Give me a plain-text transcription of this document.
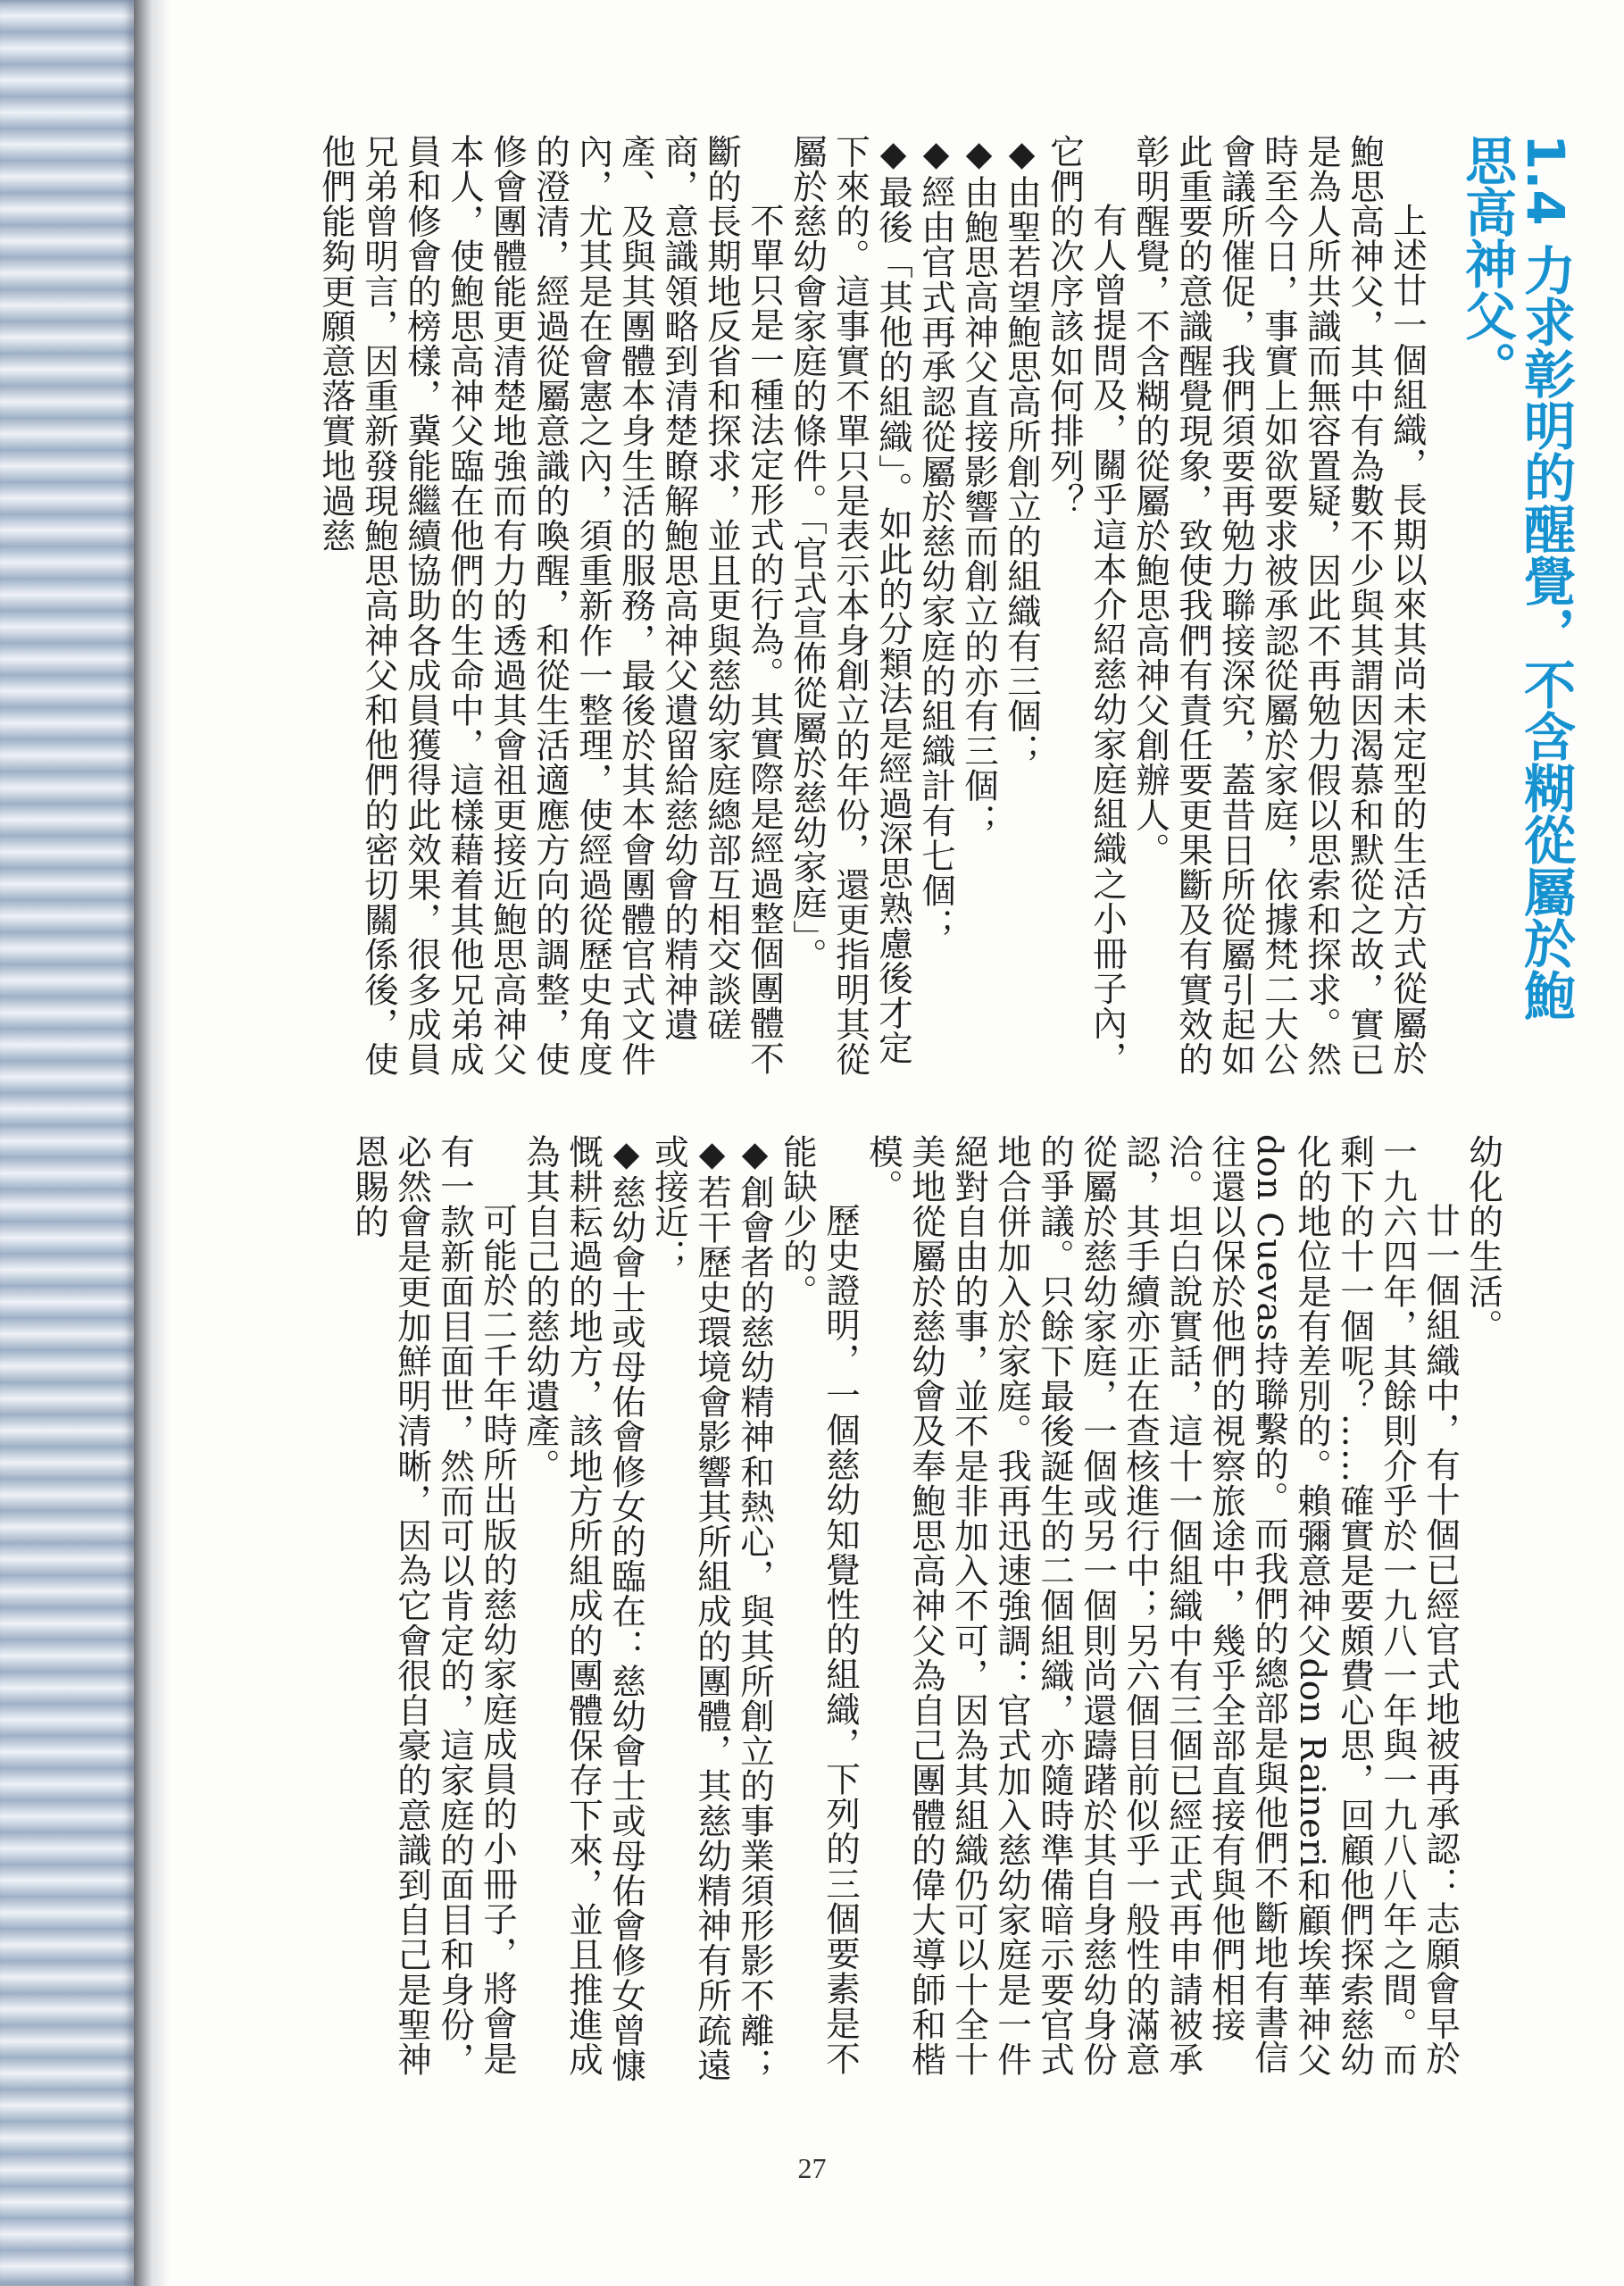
1.4 力求彰明的醒覺，不含糊從屬於鮑思高神父。

上述廿一個組織，長期以來其尚未定型的生活方式從屬於鮑思高神父，其中有為數不少與其謂因渴慕和默從之故，實已是為人所共識而無容置疑，因此不再勉力假以思索和探求。然時至今日，事實上如欲要求被承認從屬於家庭，依據梵二大公會議所催促，我們須要再勉力聯接深究，蓋昔日所從屬引起如此重要的意識醒覺現象，致使我們有責任要更果斷及有實效的彰明醒覺，不含糊的從屬於鮑思高神父創辦人。

有人曾提問及，關乎這本介紹慈幼家庭組織之小冊子內，它們的次序該如何排列？

◆ 由聖若望鮑思高所創立的組織有三個；

◆ 由鮑思高神父直接影響而創立的亦有三個；

◆ 經由官式再承認從屬於慈幼家庭的組織計有七個；

◆ 最後「其他的組織」。如此的分類法是經過深思熟慮後才定下來的。這事實不單只是表示本身創立的年份，還更指明其從屬於慈幼會家庭的條件。「官式宣佈從屬於慈幼家庭」。

不單只是一種法定形式的行為。其實際是經過整個團體不斷的長期地反省和探求，並且更與慈幼家庭總部互相交談磋商，意識領略到清楚瞭解鮑思高神父遺留給慈幼會的精神遺產、及與其團體本身生活的服務，最後於其本會團體官式文件內，尤其是在會憲之內，須重新作一整理，使經過從歷史角度的澄清，經過從屬意識的喚醒，和從生活適應方向的調整，使修會團體能更清楚地強而有力的透過其會祖更接近鮑思高神父本人，使鮑思高神父臨在他們的生命中，這樣藉着其他兄弟成員和修會的榜樣，冀能繼續協助各成員獲得此效果，很多成員兄弟曾明言，因重新發現鮑思高神父和他們的密切關係後，使他們能夠更願意落實地過慈

幼化的生活。

廿一個組織中，有十個已經官式地被再承認：志願會早於一九六四年，其餘則介乎於一九八一年與一九八八年之間。而剩下的十一個呢？……確實是要頗費心思，回顧他們探索慈幼化的地位是有差別的。賴彌意神父don Raineri和顧埃華神父don Cuevas持聯繫的。而我們的總部是與他們不斷地有書信往還以保於他們的視察旅途中，幾乎全部直接有與他們相接洽。坦白說實話，這十一個組織中有三個已經正式再申請被承認，其手續亦正在查核進行中；另六個目前似乎一般性的滿意從屬於慈幼家庭，一個或另一個則尚還躊躇於其自身慈幼身份的爭議。只餘下最後誕生的二個組織，亦隨時準備暗示要官式地合併加入於家庭。我再迅速強調：官式加入慈幼家庭是一件絕對自由的事，並不是非加入不可，因為其組織仍可以十全十美地從屬於慈幼會及奉鮑思高神父為自己團體的偉大導師和楷模。

歷史證明，一個慈幼知覺性的組織，下列的三個要素是不能缺少的。

◆ 創會者的慈幼精神和熱心，與其所創立的事業須形影不離；

◆ 若干歷史環境會影響其所組成的團體，其慈幼精神有所疏遠或接近；

◆ 慈幼會士或母佑會修女的臨在：慈幼會士或母佑會修女曾慷慨耕耘過的地方，該地方所組成的團體保存下來，並且推進成為其自己的慈幼遺產。

可能於二千年時所出版的慈幼家庭成員的小冊子，將會是有一款新面目面世，然而可以肯定的，這家庭的面目和身份，必然會是更加鮮明清晰，因為它會很自豪的意識到自己是聖神恩賜的

27
